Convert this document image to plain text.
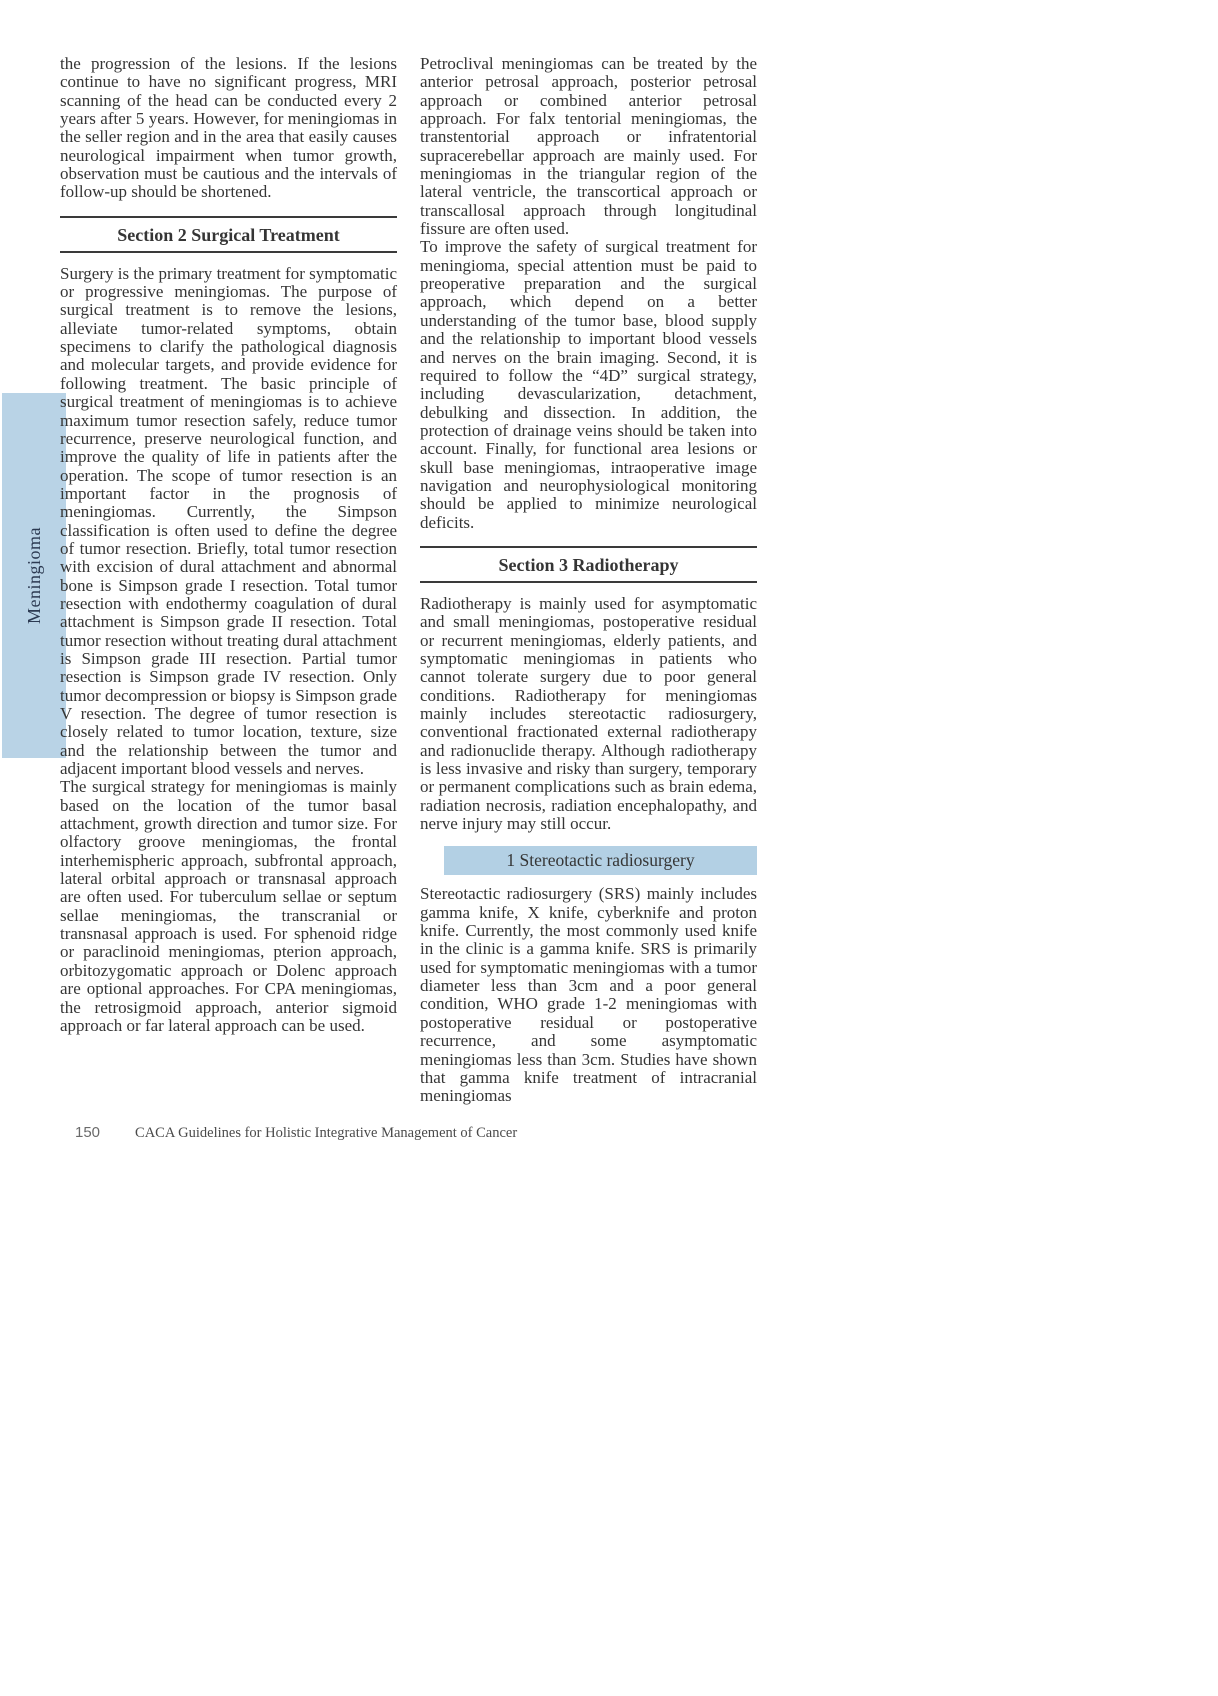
Meningioma

the progression of the lesions. If the lesions continue to have no significant progress, MRI scanning of the head can be conducted every 2 years after 5 years. However, for meningiomas in the seller region and in the area that easily causes neurological impairment when tumor growth, observation must be cautious and the intervals of follow-up should be shortened.

Section 2 Surgical Treatment

Surgery is the primary treatment for symptomatic or progressive meningiomas. The purpose of surgical treatment is to remove the lesions, alleviate tumor-related symptoms, obtain specimens to clarify the pathological diagnosis and molecular targets, and provide evidence for following treatment. The basic principle of surgical treatment of meningiomas is to achieve maximum tumor resection safely, reduce tumor recurrence, preserve neurological function, and improve the quality of life in patients after the operation. The scope of tumor resection is an important factor in the prognosis of meningiomas. Currently, the Simpson classification is often used to define the degree of tumor resection. Briefly, total tumor resection with excision of dural attachment and abnormal bone is Simpson grade I resection. Total tumor resection with endothermy coagulation of dural attachment is Simpson grade II resection. Total tumor resection without treating dural attachment is Simpson grade III resection. Partial tumor resection is Simpson grade IV resection. Only tumor decompression or biopsy is Simpson grade V resection. The degree of tumor resection is closely related to tumor location, texture, size and the relationship between the tumor and adjacent important blood vessels and nerves.

The surgical strategy for meningiomas is mainly based on the location of the tumor basal attachment, growth direction and tumor size. For olfactory groove meningiomas, the frontal interhemispheric approach, subfrontal approach, lateral orbital approach or transnasal approach are often used. For tuberculum sellae or septum sellae meningiomas, the transcranial or transnasal approach is used. For sphenoid ridge or paraclinoid meningiomas, pterion approach, orbitozygomatic approach or Dolenc approach are optional approaches. For CPA meningiomas, the retrosigmoid approach, anterior sigmoid approach or far lateral approach can be used.

Petroclival meningiomas can be treated by the anterior petrosal approach, posterior petrosal approach or combined anterior petrosal approach. For falx tentorial meningiomas, the transtentorial approach or infratentorial supracerebellar approach are mainly used. For meningiomas in the triangular region of the lateral ventricle, the transcortical approach or transcallosal approach through longitudinal fissure are often used.

To improve the safety of surgical treatment for meningioma, special attention must be paid to preoperative preparation and the surgical approach, which depend on a better understanding of the tumor base, blood supply and the relationship to important blood vessels and nerves on the brain imaging. Second, it is required to follow the “4D” surgical strategy, including devascularization, detachment, debulking and dissection. In addition, the protection of drainage veins should be taken into account. Finally, for functional area lesions or skull base meningiomas, intraoperative image navigation and neurophysiological monitoring should be applied to minimize neurological deficits.

Section 3 Radiotherapy

Radiotherapy is mainly used for asymptomatic and small meningiomas, postoperative residual or recurrent meningiomas, elderly patients, and symptomatic meningiomas in patients who cannot tolerate surgery due to poor general conditions. Radiotherapy for meningiomas mainly includes stereotactic radiosurgery, conventional fractionated external radiotherapy and radionuclide therapy. Although radiotherapy is less invasive and risky than surgery, temporary or permanent complications such as brain edema, radiation necrosis, radiation encephalopathy, and nerve injury may still occur.

1 Stereotactic radiosurgery

Stereotactic radiosurgery (SRS) mainly includes gamma knife, X knife, cyberknife and proton knife. Currently, the most commonly used knife in the clinic is a gamma knife. SRS is primarily used for symptomatic meningiomas with a tumor diameter less than 3cm and a poor general condition, WHO grade 1-2 meningiomas with postoperative residual or postoperative recurrence, and some asymptomatic meningiomas less than 3cm. Studies have shown that gamma knife treatment of intracranial meningiomas

150 CACA Guidelines for Holistic Integrative Management of Cancer
